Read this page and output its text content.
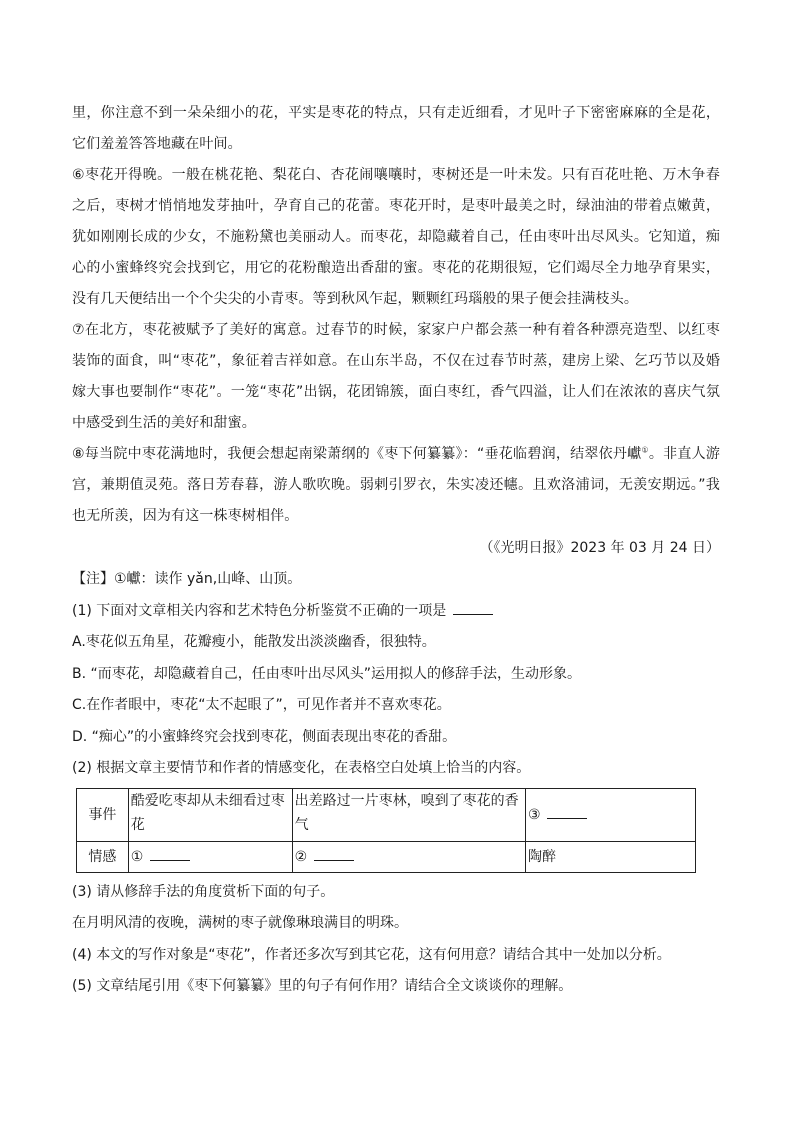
里，你注意不到一朵朵细小的花，平实是枣花的特点，只有走近细看，才见叶子下密密麻麻的全是花，它们羞羞答答地藏在叶间。

⑥枣花开得晚。一般在桃花艳、梨花白、杏花闹嚷嚷时，枣树还是一叶未发。只有百花吐艳、万木争春之后，枣树才悄悄地发芽抽叶，孕育自己的花蕾。枣花开时，是枣叶最美之时，绿油油的带着点嫩黄，犹如刚刚长成的少女，不施粉黛也美丽动人。而枣花，却隐藏着自己，任由枣叶出尽风头。它知道，痴心的小蜜蜂终究会找到它，用它的花粉酿造出香甜的蜜。枣花的花期很短，它们竭尽全力地孕育果实，没有几天便结出一个个尖尖的小青枣。等到秋风乍起，颗颗红玛瑙般的果子便会挂满枝头。

⑦在北方，枣花被赋予了美好的寓意。过春节的时候，家家户户都会蒸一种有着各种漂亮造型、以红枣装饰的面食，叫“枣花”，象征着吉祥如意。在山东半岛，不仅在过春节时蒸，建房上梁、乞巧节以及婚嫁大事也要制作“枣花”。一笼“枣花”出锅，花团锦簇，面白枣红，香气四溢，让人们在浓浓的喜庆气氛中感受到生活的美好和甜蜜。

⑧每当院中枣花满地时，我便会想起南梁萧纲的《枣下何纂纂》：“垂花临碧润，结翠依丹巘①。非直人游宫，兼期值灵苑。落日芳春暮，游人歌吹晚。弱剌引罗衣，朱实凌还幰。且欢洛浦词，无羡安期远。”我也无所羡，因为有这一株枣树相伴。

（《光明日报》2023 年 03 月 24 日）

【注】①巘：读作 yǎn,山峰、山顶。

(1) 下面对文章相关内容和艺术特色分析鉴赏不正确的一项是

A.枣花似五角星，花瓣瘦小，能散发出淡淡幽香，很独特。

B. “而枣花，却隐藏着自己，任由枣叶出尽风头”运用拟人的修辞手法，生动形象。

C.在作者眼中，枣花“太不起眼了”，可见作者并不喜欢枣花。

D. “痴心”的小蜜蜂终究会找到枣花，侧面表现出枣花的香甜。

(2) 根据文章主要情节和作者的情感变化，在表格空白处填上恰当的内容。

事件	酷爱吃枣却从未细看过枣花	出差路过一片枣林，嗅到了枣花的香气	③
情感	①	②	陶醉

(3) 请从修辞手法的角度赏析下面的句子。

在月明风清的夜晚，满树的枣子就像琳琅满目的明珠。

(4) 本文的写作对象是“枣花”，作者还多次写到其它花，这有何用意？请结合其中一处加以分析。

(5) 文章结尾引用《枣下何纂纂》里的句子有何作用？请结合全文谈谈你的理解。
